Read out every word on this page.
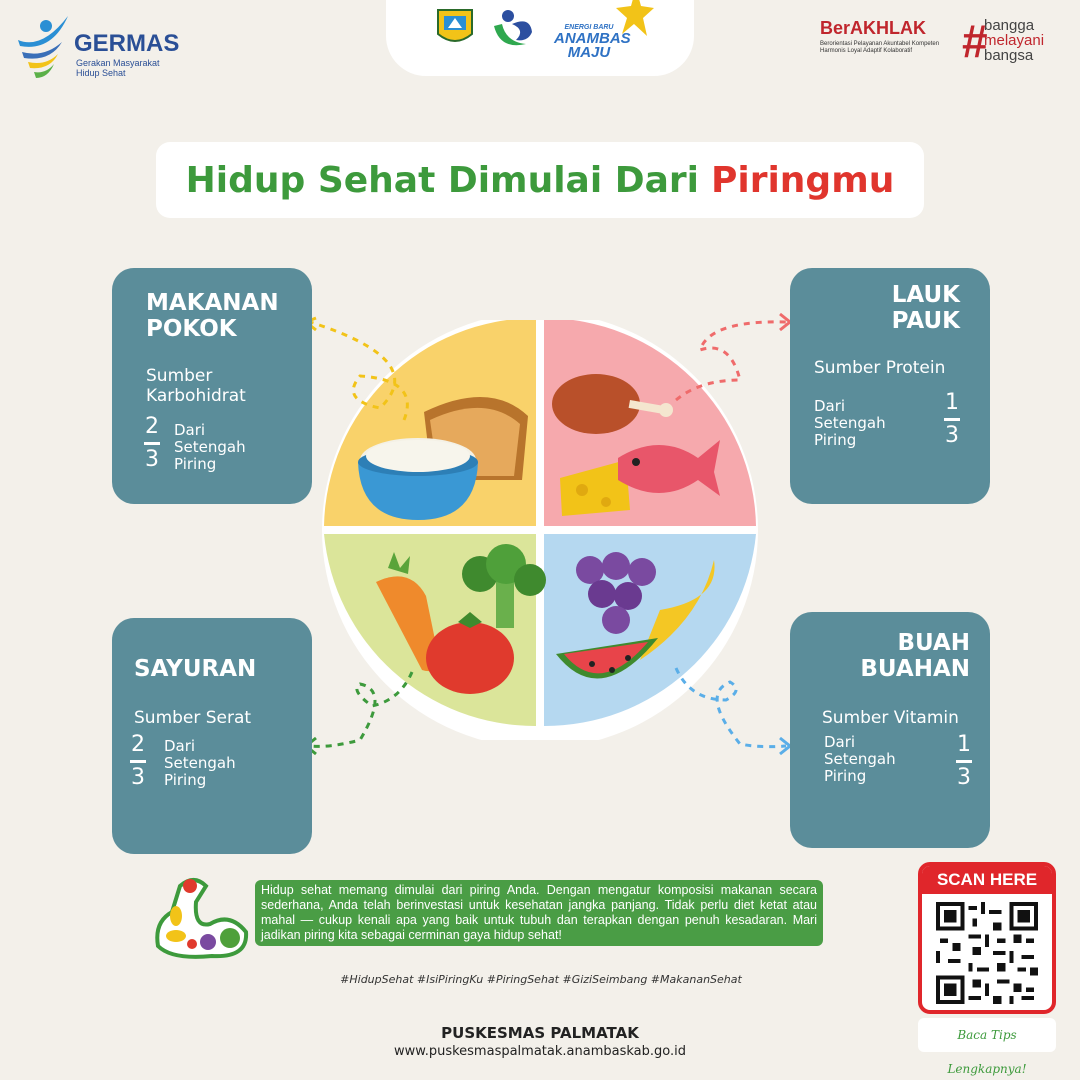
GERMAS
Gerakan Masyarakat
Hidup Sehat
ENERGI BARU
ANAMBAS
MAJU
BerAKHLAK
Berorientasi Pelayanan Akuntabel Kompeten
Harmonis Loyal Adaptif Kolaboratif	#
bangga
melayani
bangsa
Hidup Sehat Dimulai Dari Piringmu
MAKANAN
POKOK
Sumber
Karbohidrat
2
3
Dari
Setengah
Piring
LAUK
PAUK
Sumber Protein
Dari
Setengah
Piring
1
3
SAYURAN
Sumber Serat
2
3
Dari
Setengah
Piring
BUAH
BUAHAN
Sumber Vitamin
Dari
Setengah
Piring
1
3
Hidup sehat memang dimulai dari piring Anda. Dengan mengatur komposisi makanan secara sederhana, Anda telah berinvestasi untuk kesehatan jangka panjang. Tidak perlu diet ketat atau mahal — cukup kenali apa yang baik untuk tubuh dan terapkan dengan penuh kesadaran. Mari jadikan piring kita sebagai cerminan gaya hidup sehat!
#HidupSehat #IsiPiringKu #PiringSehat #GiziSeimbang #MakananSehat
SCAN HERE
Baca Tips Lengkapnya!
PUSKESMAS PALMATAK
www.puskesmaspalmatak.anambaskab.go.id
